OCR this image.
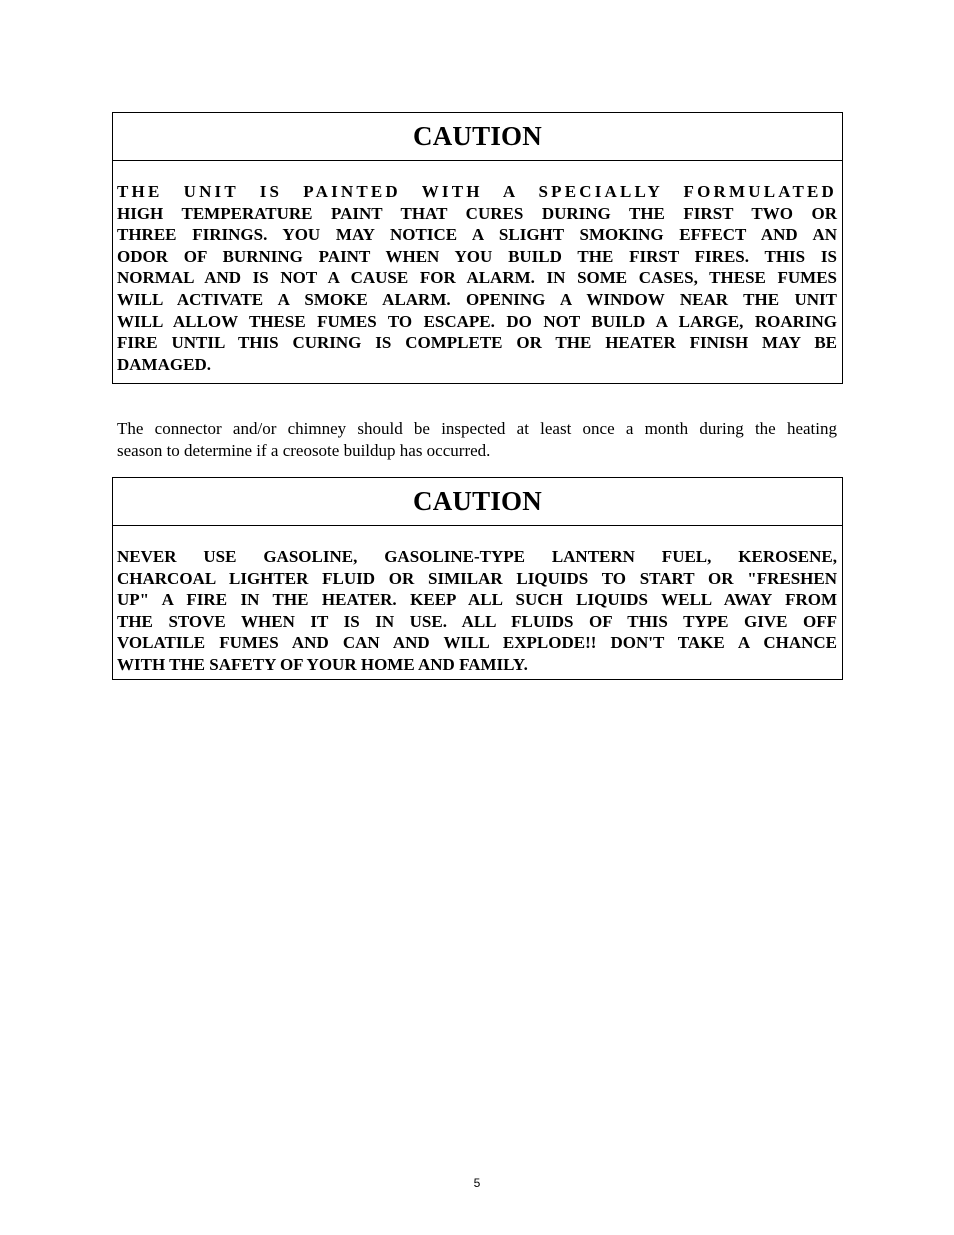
CAUTION
THE UNIT IS PAINTED WITH A SPECIALLY FORMULATED
HIGH TEMPERATURE PAINT THAT CURES DURING THE FIRST TWO OR
THREE FIRINGS. YOU MAY NOTICE A SLIGHT SMOKING EFFECT AND AN
ODOR OF BURNING PAINT WHEN YOU BUILD THE FIRST FIRES. THIS IS
NORMAL AND IS NOT A CAUSE FOR ALARM. IN SOME CASES, THESE FUMES
WILL ACTIVATE A SMOKE ALARM. OPENING A WINDOW NEAR THE UNIT
WILL ALLOW THESE FUMES TO ESCAPE. DO NOT BUILD A LARGE, ROARING
FIRE UNTIL THIS CURING IS COMPLETE OR THE HEATER FINISH MAY BE
DAMAGED.
The connector and/or chimney should be inspected at least once a month during the heating
season to determine if a creosote buildup has occurred.
CAUTION
NEVER USE GASOLINE, GASOLINE-TYPE LANTERN FUEL, KEROSENE,
CHARCOAL LIGHTER FLUID OR SIMILAR LIQUIDS TO START OR "FRESHEN
UP" A FIRE IN THE HEATER. KEEP ALL SUCH LIQUIDS WELL AWAY FROM
THE STOVE WHEN IT IS IN USE. ALL FLUIDS OF THIS TYPE GIVE OFF
VOLATILE FUMES AND CAN AND WILL EXPLODE!! DON'T TAKE A CHANCE
WITH THE SAFETY OF YOUR HOME AND FAMILY.
5
